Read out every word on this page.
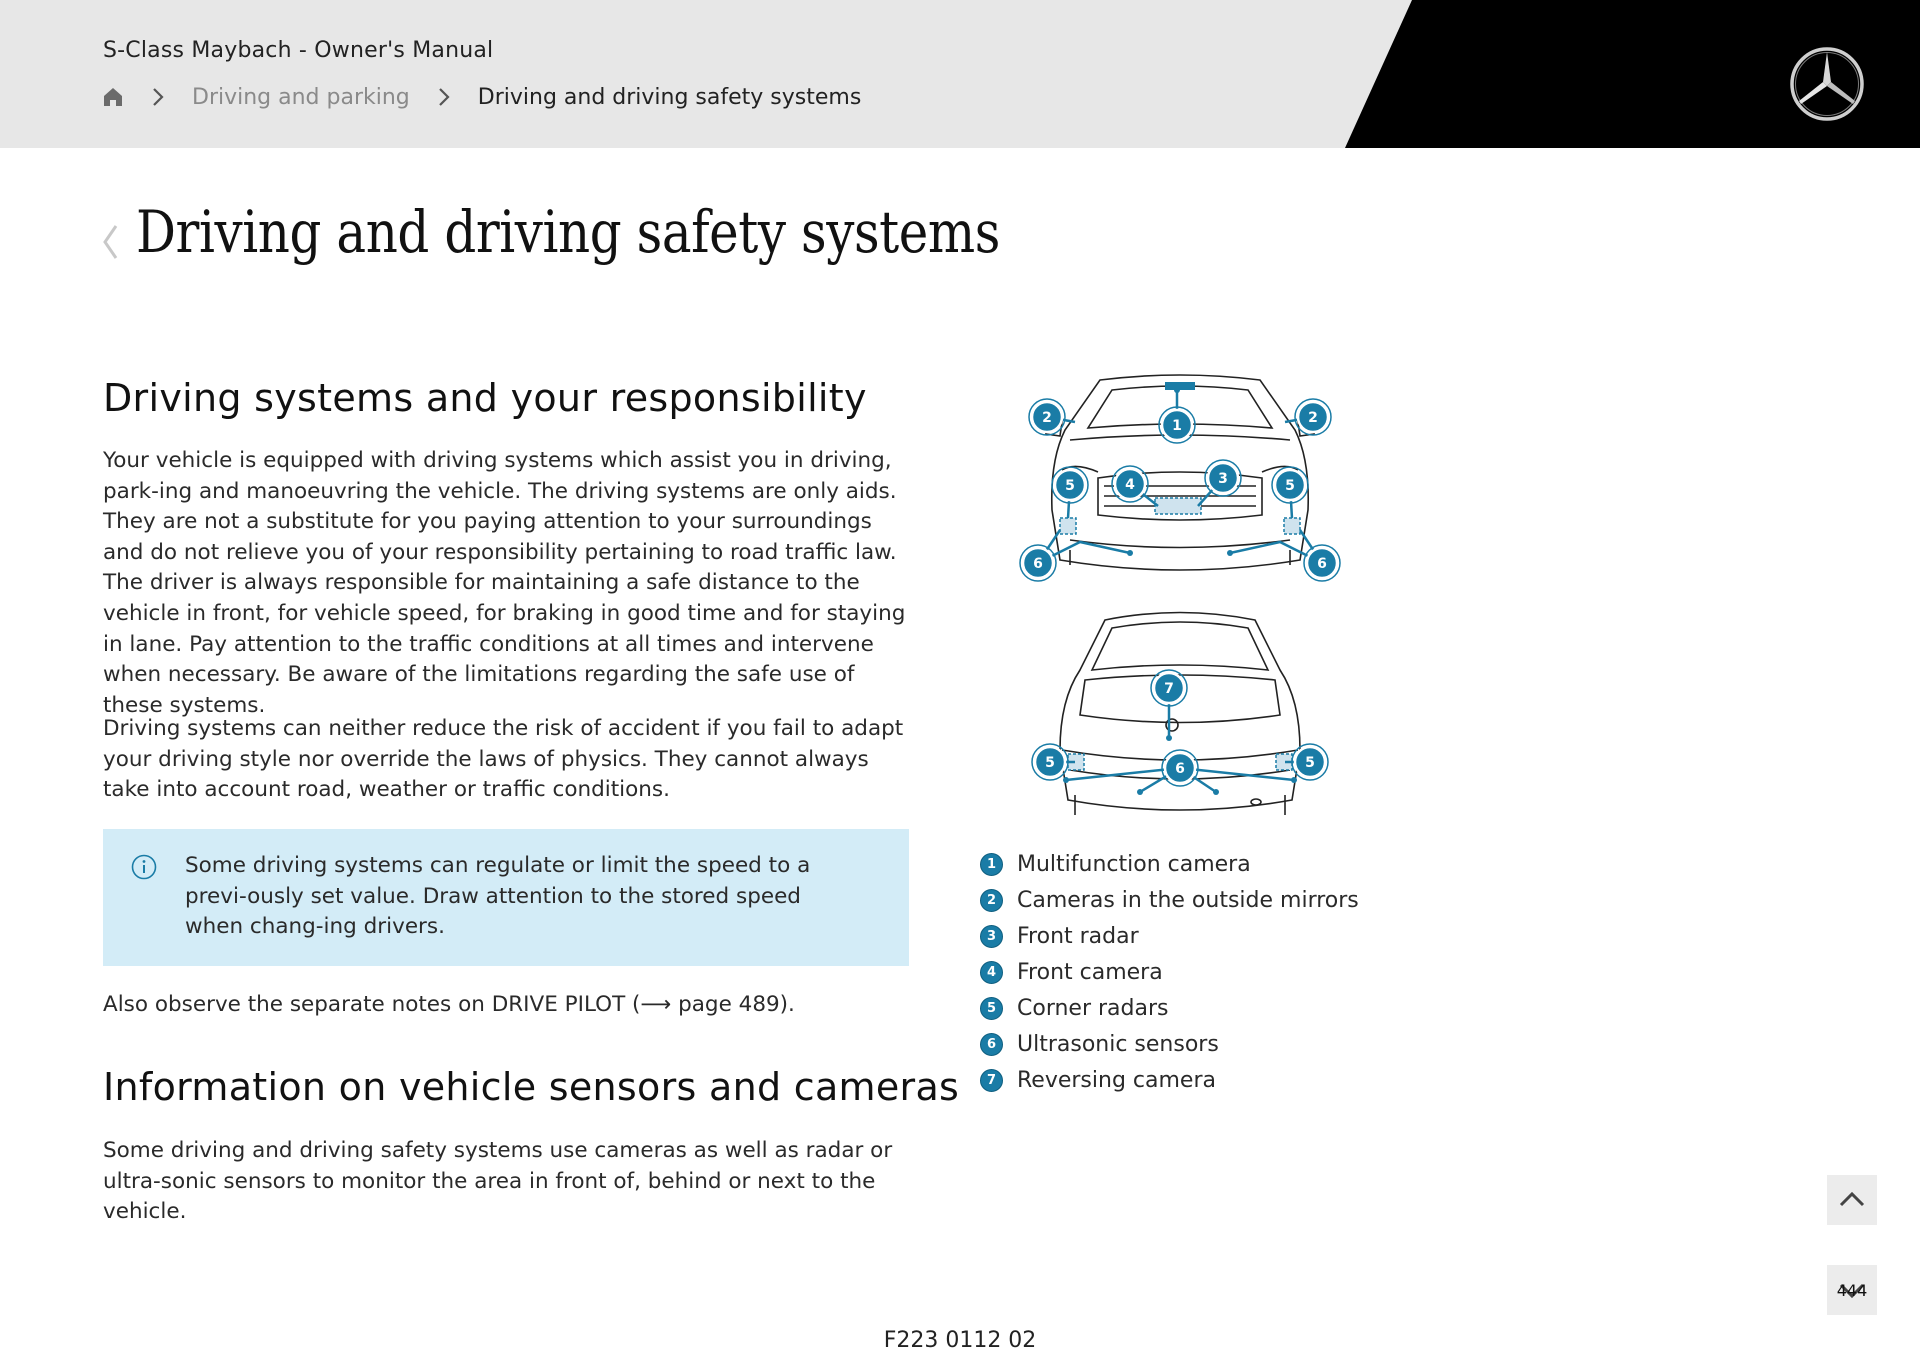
S-Class Maybach - Owner's Manual
Driving and parking	Driving and driving safety systems
Driving and driving safety systems
Driving systems and your responsibility

Your vehicle is equipped with driving systems which assist you in driving, park-ing and manoeuvring the vehicle. The driving systems are only aids. They are not a substitute for you paying attention to your surroundings and do not relieve you of your responsibility pertaining to road traffic law. The driver is always responsible for maintaining a safe distance to the vehicle in front, for vehicle speed, for braking in good time and for staying in lane. Pay attention to the traffic conditions at all times and intervene when necessary. Be aware of the limitations regarding the safe use of these systems.

Driving systems can neither reduce the risk of accident if you fail to adapt your driving style nor override the laws of physics. They cannot always take into account road, weather or traffic conditions.

Some driving systems can regulate or limit the speed to a previ-ously set value. Draw attention to the stored speed when chang-ing drivers.

Also observe the separate notes on DRIVE PILOT (⟶ page 489).

Information on vehicle sensors and cameras

Some driving and driving safety systems use cameras as well as radar or ultra-sonic sensors to monitor the area in front of, behind or next to the vehicle.

1
2	2
3
4
5	5
6	6
7
5	5
6
1 Multifunction camera
2 Cameras in the outside mirrors
3 Front radar
4 Front camera
5 Corner radars
6 Ultrasonic sensors
7 Reversing camera
444
F223 0112 02
